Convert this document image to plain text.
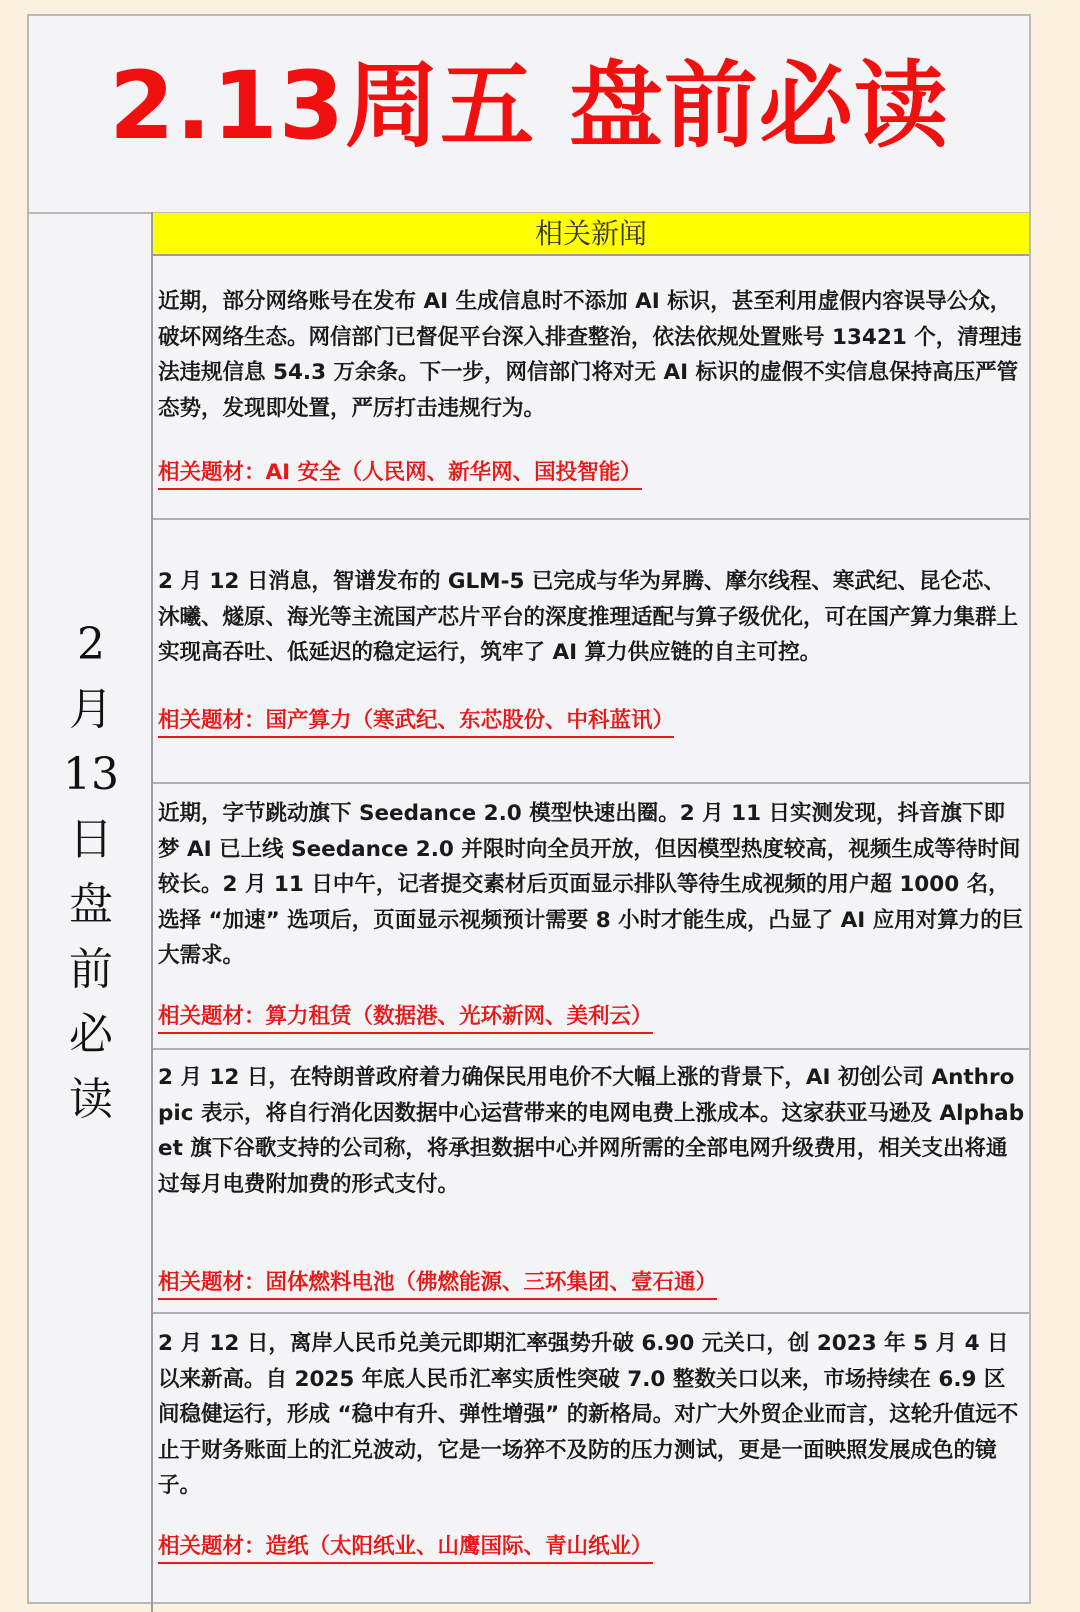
2.13周五 盘前必读
2月13日盘前必读
相关新闻
近期，部分网络账号在发布 AI 生成信息时不添加 AI 标识，甚至利用虚假内容误导公众，破坏网络生态。网信部门已督促平台深入排查整治，依法依规处置账号 13421 个，清理违法违规信息 54.3 万余条。下一步，网信部门将对无 AI 标识的虚假不实信息保持高压严管态势，发现即处置，严厉打击违规行为。
相关题材：AI 安全（人民网、新华网、国投智能）
2 月 12 日消息，智谱发布的 GLM-5 已完成与华为昇腾、摩尔线程、寒武纪、昆仑芯、沐曦、燧原、海光等主流国产芯片平台的深度推理适配与算子级优化，可在国产算力集群上实现高吞吐、低延迟的稳定运行，筑牢了 AI 算力供应链的自主可控。
相关题材：国产算力（寒武纪、东芯股份、中科蓝讯）
近期，字节跳动旗下 Seedance 2.0 模型快速出圈。2 月 11 日实测发现，抖音旗下即梦 AI 已上线 Seedance 2.0 并限时向全员开放，但因模型热度较高，视频生成等待时间较长。2 月 11 日中午，记者提交素材后页面显示排队等待生成视频的用户超 1000 名，选择 “加速” 选项后，页面显示视频预计需要 8 小时才能生成，凸显了 AI 应用对算力的巨大需求。
相关题材：算力租赁（数据港、光环新网、美利云）
2 月 12 日，在特朗普政府着力确保民用电价不大幅上涨的背景下，AI 初创公司 Anthropic 表示，将自行消化因数据中心运营带来的电网电费上涨成本。这家获亚马逊及 Alphabet 旗下谷歌支持的公司称，将承担数据中心并网所需的全部电网升级费用，相关支出将通过每月电费附加费的形式支付。
相关题材：固体燃料电池（佛燃能源、三环集团、壹石通）
2 月 12 日，离岸人民币兑美元即期汇率强势升破 6.90 元关口，创 2023 年 5 月 4 日以来新高。自 2025 年底人民币汇率实质性突破 7.0 整数关口以来，市场持续在 6.9 区间稳健运行，形成 “稳中有升、弹性增强” 的新格局。对广大外贸企业而言，这轮升值远不止于财务账面上的汇兑波动，它是一场猝不及防的压力测试，更是一面映照发展成色的镜子。
相关题材：造纸（太阳纸业、山鹰国际、青山纸业）
